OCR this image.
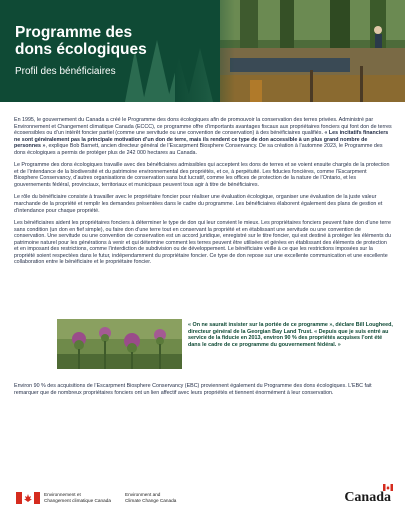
Programme des
dons écologiques
Profil des bénéficiaires

En 1995, le gouvernement du Canada a créé le Programme des dons écologiques afin de promouvoir la conservation des terres privées. Administré par Environnement et Changement climatique Canada (ECCC), ce programme offre d’importants avantages fiscaux aux propriétaires fonciers qui font don de terres écosensibles ou d’un intérêt foncier partiel (comme une servitude ou une convention de conservation) à des bénéficiaires qualifiés. « Les incitatifs financiers ne sont généralement pas la principale motivation d’un don de terre, mais ils rendent ce type de don accessible à un plus grand nombre de personnes », explique Bob Barnett, ancien directeur général de l’Escarpment Biosphere Conservancy. De sa création à l’automne 2023, le Programme des dons écologiques a permis de protéger plus de 242 000 hectares au Canada.

Le Programme des dons écologiques travaille avec des bénéficiaires admissibles qui acceptent les dons de terres et se voient ensuite chargés de la protection et de l’intendance de la biodiversité et du patrimoine environnemental des propriétés, et ce, à perpétuité. Les fiducies foncières, comme l’Escarpment Biosphere Conservancy, d’autres organisations de conservation sans but lucratif, comme les offices de protection de la nature de l’Ontario, et les gouvernements fédéral, provinciaux, territoriaux et municipaux peuvent tous agir à titre de bénéficiaires.

Le rôle du bénéficiaire consiste à travailler avec le propriétaire foncier pour réaliser une évaluation écologique, organiser une évaluation de la juste valeur marchande de la propriété et remplir les demandes présentées dans le cadre du programme. Les bénéficiaires élaborent également des plans de gestion et d’intendance pour chaque propriété.

Les bénéficiaires aident les propriétaires fonciers à déterminer le type de don qui leur convient le mieux. Les propriétaires fonciers peuvent faire don d’une terre sans condition (un don en fief simple), ou faire don d’une terre tout en conservant la propriété et en établissant une servitude ou une convention de conservation. Une servitude ou une convention de conservation est un accord juridique, enregistré sur le titre foncier, qui est destiné à protéger les éléments du patrimoine naturel pour les générations à venir et qui détermine comment les terres peuvent être utilisées et gérées en établissant des éléments de protection et en imposant des restrictions, comme l’interdiction de subdivision ou de développement. Le bénéficiaire veille à ce que les restrictions imposées sur la propriété soient respectées dans le futur, indépendamment du propriétaire foncier. Ce type de don repose sur une excellente communication et une excellente collaboration entre le bénéficiaire et le propriétaire foncier.

« On ne saurait insister sur la portée de ce programme », déclare Bill Lougheed, directeur général de la Georgian Bay Land Trust. « Depuis que je suis entré au service de la fiducie en 2013, environ 90 % des propriétés acquises l’ont été dans le cadre de ce programme du gouvernement fédéral. »
Environ 90 % des acquisitions de l’Escarpment Biosphere Conservancy (EBC) proviennent également du Programme des dons écologiques. L’EBC fait remarquer que de nombreux propriétaires fonciers ont un lien affectif avec leurs propriétés et tiennent énormément à leur conservation.
Environnement et
Changement climatique Canada
Environment and
Climate Change Canada	Canada
